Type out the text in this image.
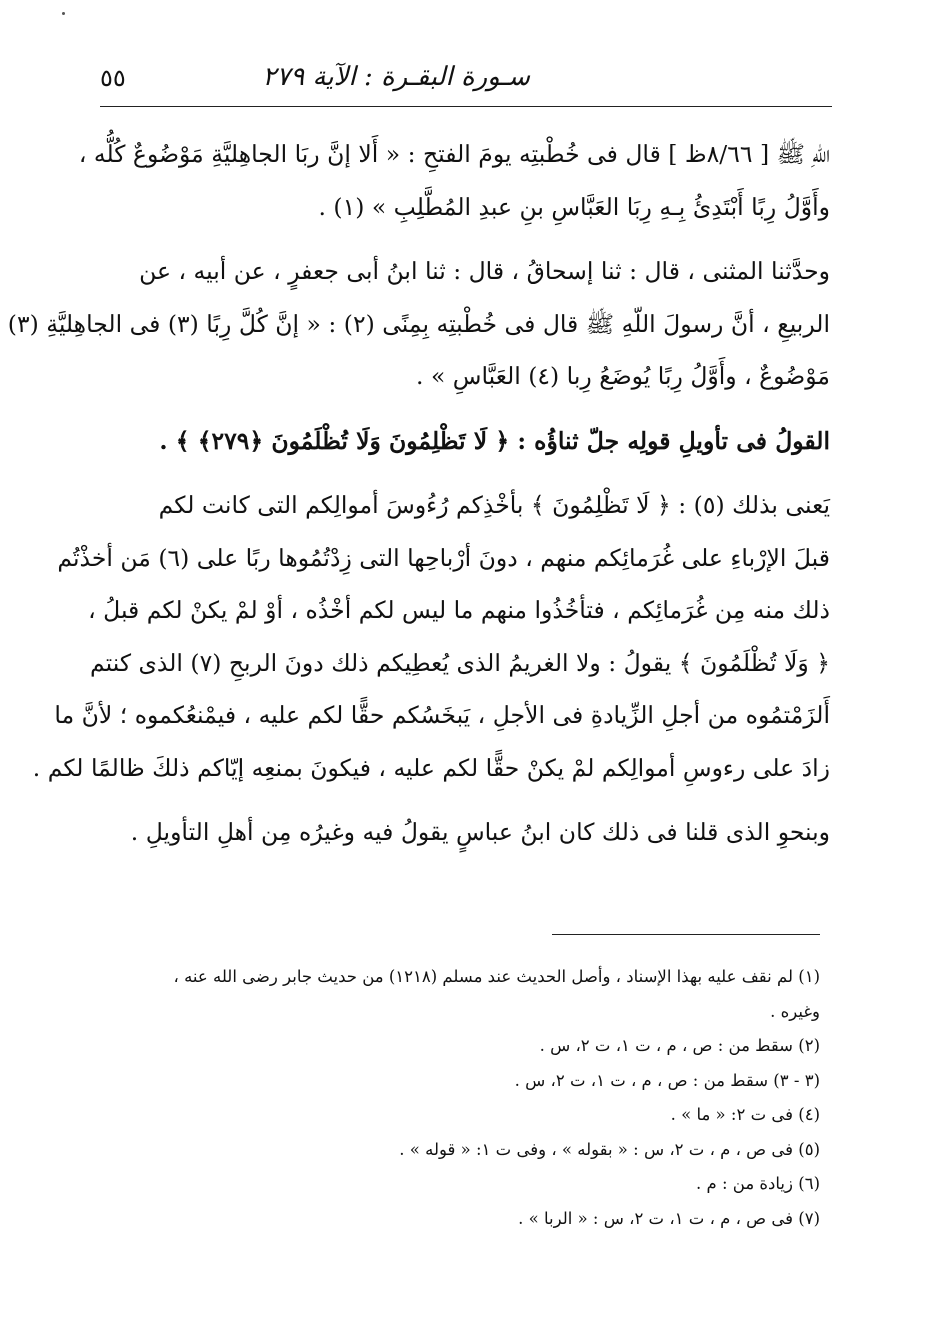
سـورة البقـرة : الآية ٢٧٩
٥٥
اللّهِ ﷺ [ ٨/٦٦ظ ] قال فى خُطْبتِه يومَ الفتحِ : « أَلا إنَّ ربَا الجاهِليَّةِ مَوْضُوعٌ كُلُّه ،
وأَوَّلُ رِبًا أَبْتَدِئُ بِـهِ رِبَا العَبَّاسِ بنِ عبدِ المُطَّلِبِ » (١) .
وحدَّثنا المثنى ، قال : ثنا إسحاقُ ، قال : ثنا ابنُ أبى جعفرٍ ، عن أبيه ، عن
الربيعِ ، أنَّ رسولَ اللّهِ ﷺ قال فى خُطْبتِه بِمِنًى (٢) : « إنَّ كُلَّ رِبًا (٣) فى الجاهِليَّةِ (٣)
مَوْضُوعٌ ، وأَوَّلُ رِبًا يُوضَعُ رِبا (٤) العَبَّاسِ » .
القولُ فى تأويلِ قولِه جلّ ثناؤُه : ﴿ لَا تَظْلِمُونَ وَلَا تُظْلَمُونَ ﴿٢٧٩﴾ ﴾ .
يَعنى بذلك (٥) : ﴿ لَا تَظْلِمُونَ ﴾ بأخْذِكم رُءُوسَ أموالِكم التى كانت لكم
قبلَ الإرْباءِ على غُرَمائِكم منهم ، دونَ أرْباحِها التى زِدْتُمُوها ربًا على (٦) مَن أخذْتُم
ذلك منه مِن غُرَمائِكم ، فتأخُذُوا منهم ما ليس لكم أخْذُه ، أوْ لمْ يكنْ لكم قبلُ ،
﴿ وَلَا تُظْلَمُونَ ﴾ يقولُ : ولا الغريمُ الذى يُعطِيكم ذلك دونَ الربحِ (٧) الذى كنتم
أَلزَمْتمُوه من أجلِ الزِّيادةِ فى الأجلِ ، يَبخَسُكم حقًّا لكم عليه ، فيمْنعُكموه ؛ لأنَّ ما
زادَ على رءوسِ أموالِكم لمْ يكنْ حقًّا لكم عليه ، فيكونَ بمنعِه إيّاكم ذلكَ ظالمًا لكم .
وبنحوِ الذى قلنا فى ذلك كان ابنُ عباسٍ يقولُ فيه وغيرُه مِن أهلِ التأويلِ .
(١) لم نقف عليه بهذا الإسناد ، وأصل الحديث عند مسلم (١٢١٨) من حديث جابر رضى الله عنه ،
وغيره .
(٢) سقط من : ص ، م ، ت ١، ت ٢، س .
(٣ - ٣) سقط من : ص ، م ، ت ١، ت ٢، س .
(٤) فى ت ٢: « ما » .
(٥) فى ص ، م ، ت ٢، س : « بقوله » ، وفى ت ١: « قوله » .
(٦) زيادة من : م .
(٧) فى ص ، م ، ت ١، ت ٢، س : « الربا » .
